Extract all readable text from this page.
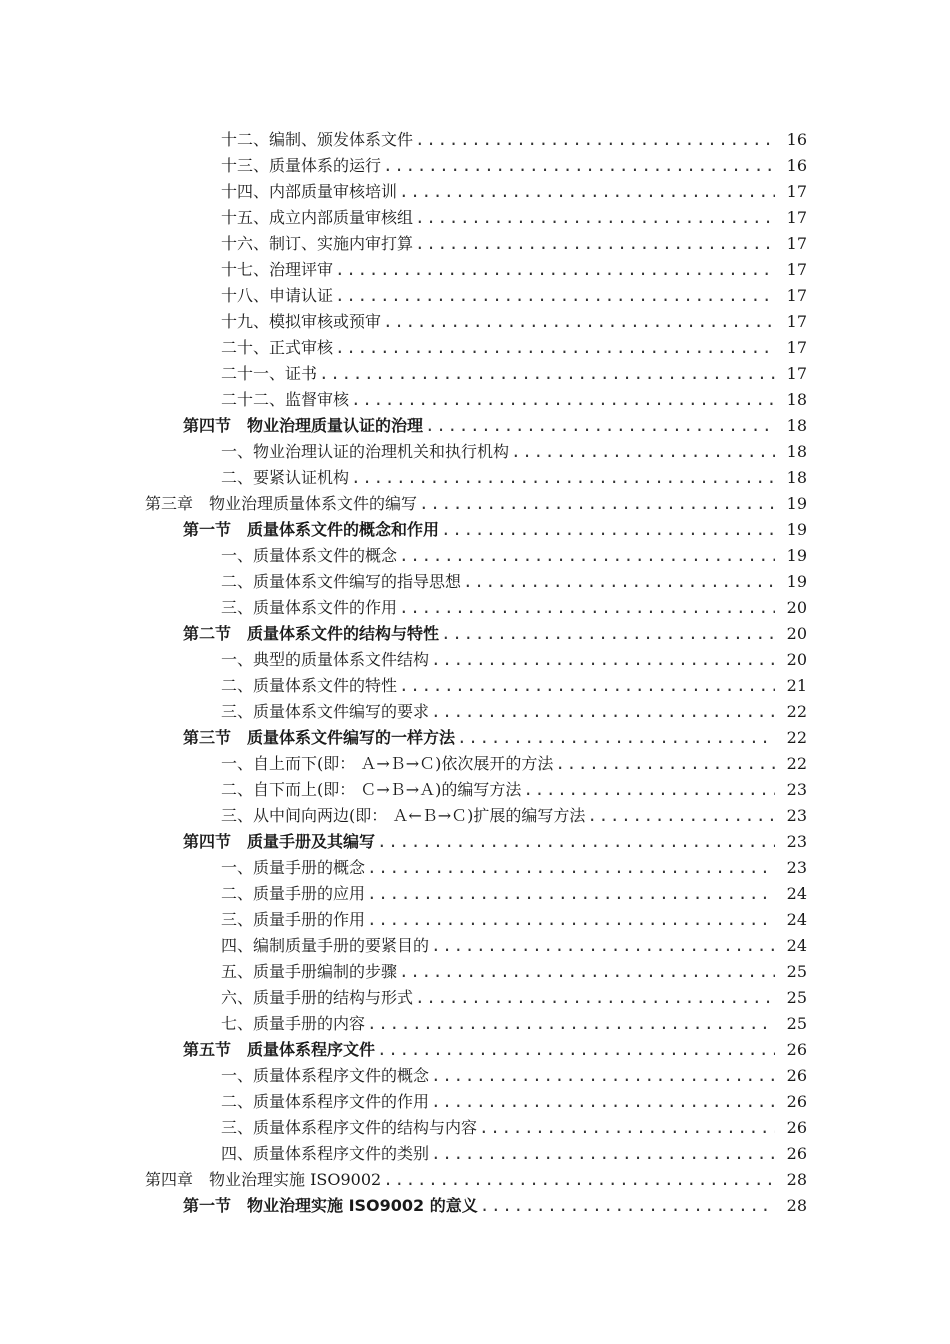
十二、编制、颁发体系文件 .....	16
十三、质量体系的运行 .....	16
十四、内部质量审核培训 .....	17
十五、成立内部质量审核组 .....	17
十六、制订、实施内审打算 .....	17
十七、治理评审 .....	17
十八、申请认证 .....	17
十九、模拟审核或预审 .....	17
二十、正式审核 .....	17
二十一、证书 .....	17
二十二、监督审核 .....	18
第四节　物业治理质量认证的治理 .....	18
一、物业治理认证的治理机关和执行机构 .....	18
二、要紧认证机构 .....	18
第三章　物业治理质量体系文件的编写 .....	19
第一节　质量体系文件的概念和作用 .....	19
一、质量体系文件的概念 .....	19
二、质量体系文件编写的指导思想 .....	19
三、质量体系文件的作用 .....	20
第二节　质量体系文件的结构与特性 .....	20
一、典型的质量体系文件结构 .....	20
二、质量体系文件的特性 .....	21
三、质量体系文件编写的要求 .....	22
第三节　质量体系文件编写的一样方法 .....	22
一、自上而下(即： Ａ→Ｂ→Ｃ)依次展开的方法 .....	22
二、自下而上(即： Ｃ→Ｂ→Ａ)的编写方法 .....	23
三、从中间向两边(即： Ａ←Ｂ→Ｃ)扩展的编写方法 .....	23
第四节　质量手册及其编写 .....	23
一、质量手册的概念 .....	23
二、质量手册的应用 .....	24
三、质量手册的作用 .....	24
四、编制质量手册的要紧目的 .....	24
五、质量手册编制的步骤 .....	25
六、质量手册的结构与形式 .....	25
七、质量手册的内容 .....	25
第五节　质量体系程序文件 .....	26
一、质量体系程序文件的概念 .....	26
二、质量体系程序文件的作用 .....	26
三、质量体系程序文件的结构与内容 .....	26
四、质量体系程序文件的类别 .....	26
第四章　物业治理实施 ISO9002 .....	28
第一节　物业治理实施 ISO9002 的意义 .....	28
